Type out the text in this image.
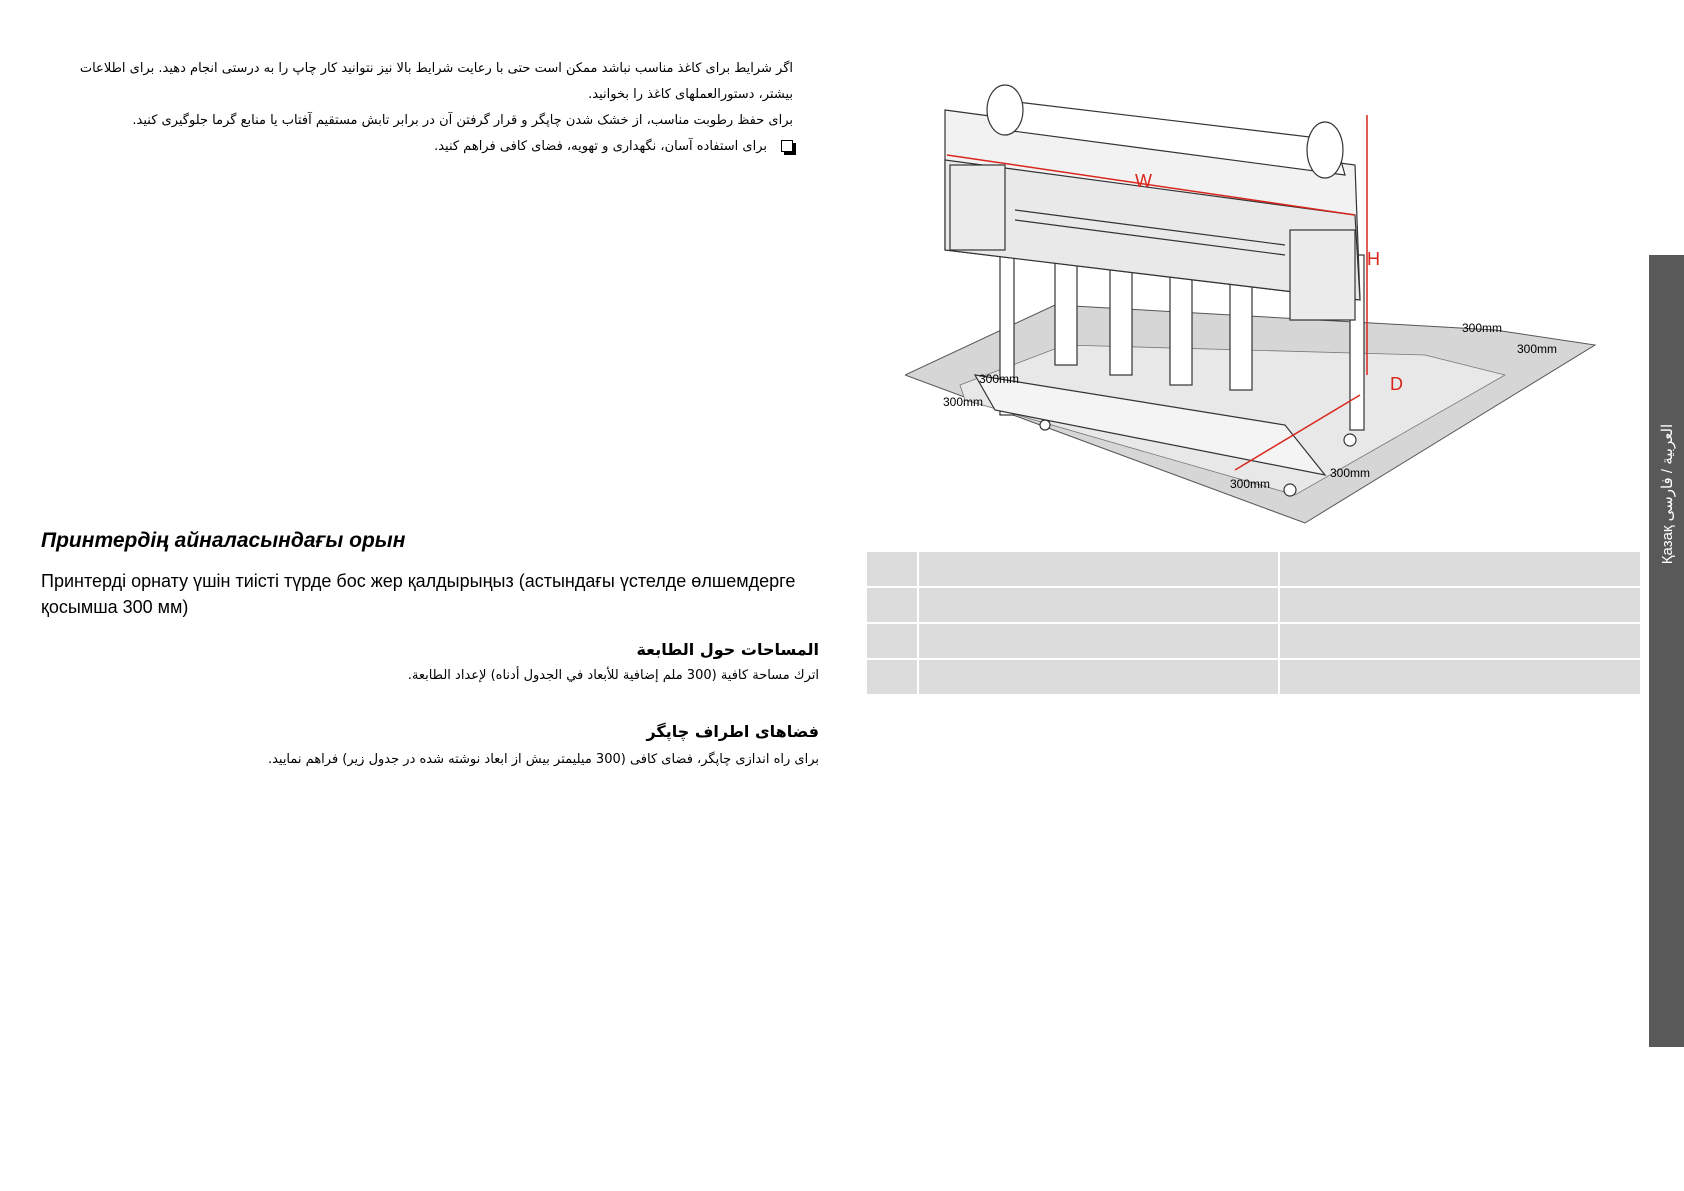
اگر شرایط برای کاغذ مناسب نباشد ممکن است حتی با رعایت شرایط بالا نیز نتوانید کار چاپ را به درستی انجام دهید. برای اطلاعات

بیشتر، دستورالعملهای کاغذ را بخوانید.

برای حفظ رطوبت مناسب، از خشک شدن چاپگر و قرار گرفتن آن در برابر تابش مستقیم آفتاب یا منابع گرما جلوگیری کنید.

برای استفاده آسان، نگهداری و تهویه، فضای کافی فراهم کنید.

W
H
D
300mm
300mm
300mm
300mm
300mm
300mm
Принтердің айналасындағы орын
Принтерді орнату үшін тиісті түрде бос жер қалдырыңыз (астындағы үстелде өлшемдерге қосымша 300 мм)
المساحات حول الطابعة
اترك مساحة كافية (300 ملم إضافية للأبعاد في الجدول أدناه) لإعداد الطابعة.
فضاهای اطراف چاپگر
برای راه اندازی چاپگر، فضای کافی (300 میلیمتر بیش از ابعاد نوشته شده در جدول زیر) فراهم نمایید.

Қазақ العربية / فارسی
